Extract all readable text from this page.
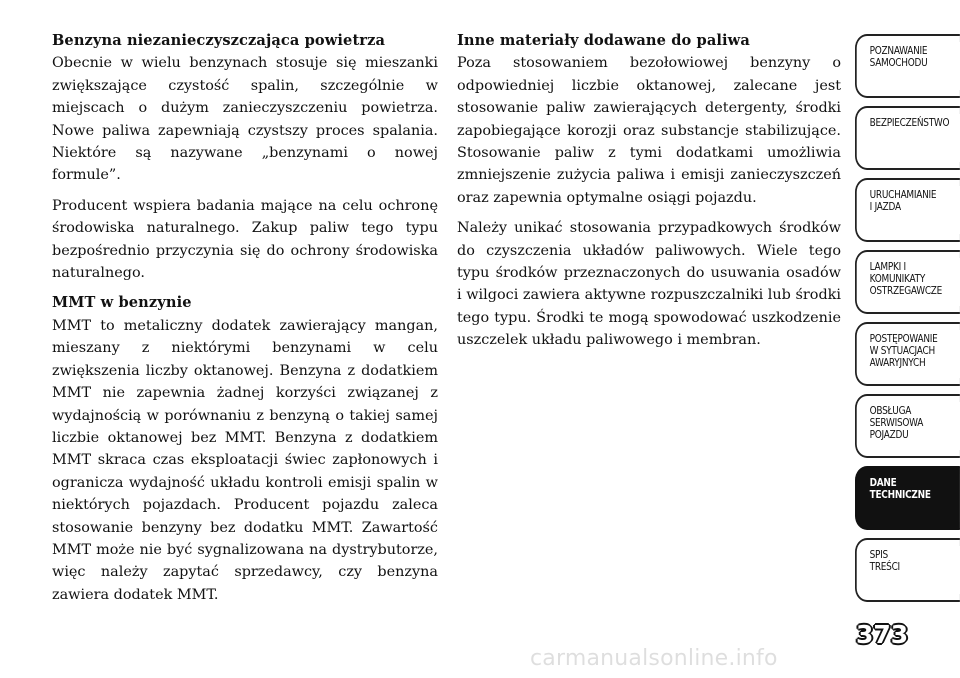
Benzyna niezanieczyszczająca powietrza

Obecnie w wielu benzynach stosuje się mieszanki zwiększające czystość spalin, szczególnie w miejscach o dużym zanieczyszczeniu powietrza. Nowe paliwa zapewniają czystszy proces spalania. Niektóre są nazywane „benzynami o nowej formule”.

Producent wspiera badania mające na celu ochronę środowiska naturalnego. Zakup paliw tego typu bezpośrednio przyczynia się do ochrony środowiska naturalnego.

MMT w benzynie

MMT to metaliczny dodatek zawierający mangan, mieszany z niektórymi benzynami w celu zwiększenia liczby oktanowej. Benzyna z dodatkiem MMT nie zapewnia żadnej korzyści związanej z wydajnością w porównaniu z benzyną o takiej samej liczbie oktanowej bez MMT. Benzyna z dodatkiem MMT skraca czas eksploatacji świec zapłonowych i ogranicza wydajność układu kontroli emisji spalin w niektórych pojazdach. Producent pojazdu zaleca stosowanie benzyny bez dodatku MMT. Zawartość MMT może nie być sygnalizowana na dystrybutorze, więc należy zapytać sprzedawcy, czy benzyna zawiera dodatek MMT.

Inne materiały dodawane do paliwa

Poza stosowaniem bezołowiowej benzyny o odpowiedniej liczbie oktanowej, zalecane jest stosowanie paliw zawierających detergenty, środki zapobiegające korozji oraz substancje stabilizujące. Stosowanie paliw z tymi dodatkami umożliwia zmniejszenie zużycia paliwa i emisji zanieczyszczeń oraz zapewnia optymalne osiągi pojazdu.

Należy unikać stosowania przypadkowych środków do czyszczenia układów paliwowych. Wiele tego typu środków przeznaczonych do usuwania osadów i wilgoci zawiera aktywne rozpuszczalniki lub środki tego typu. Środki te mogą spowodować uszkodzenie uszczelek układu paliwowego i membran.

POZNAWANIE
SAMOCHODU
BEZPIECZEŃSTWO
URUCHAMIANIE
I JAZDA
LAMPKI I
KOMUNIKATY
OSTRZEGAWCZE
POSTĘPOWANIE
W SYTUACJACH
AWARYJNYCH
OBSŁUGA
SERWISOWA
POJAZDU
DANE
TECHNICZNE
SPIS
TREŚCI
373
carmanualsonline.info
